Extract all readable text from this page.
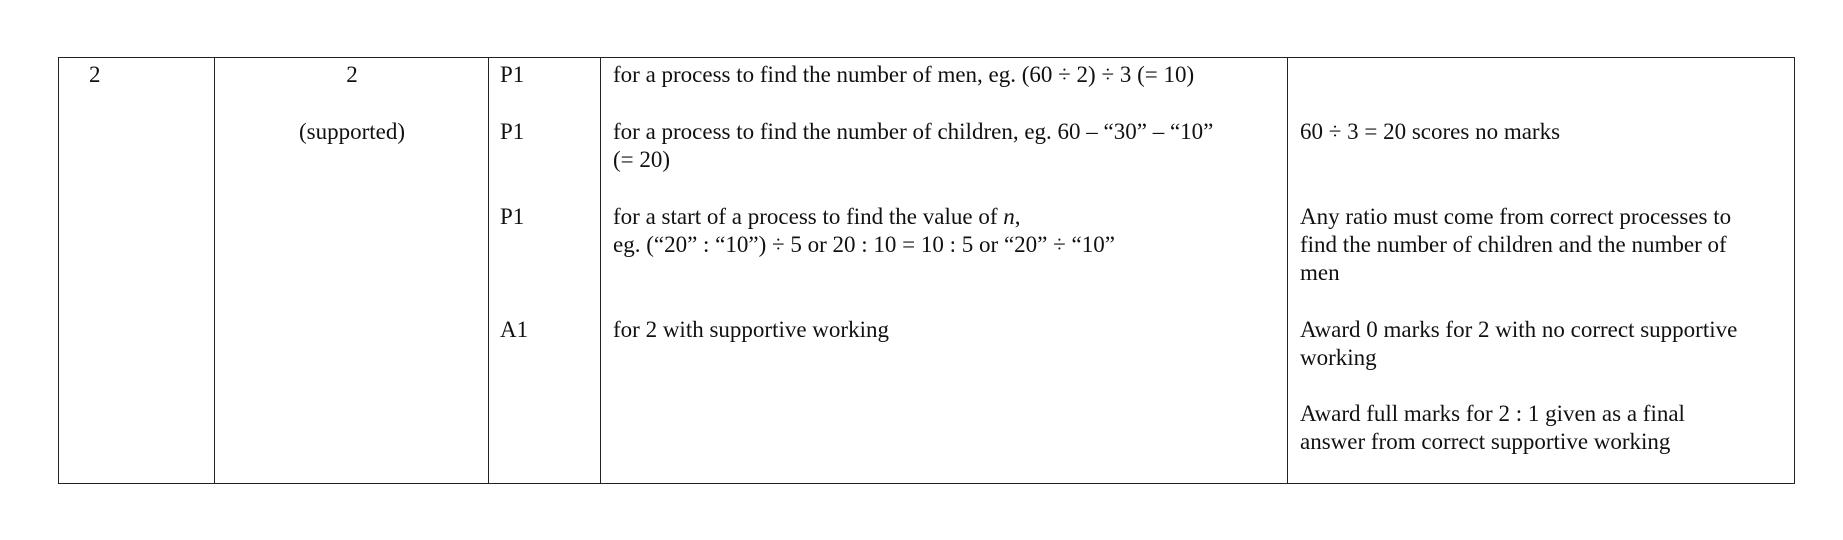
2	2
(supported)
P1
P1
P1
A1
for a process to find the number of men, eg. (60 ÷ 2) ÷ 3 (= 10)
for a process to find the number of children, eg. 60 – “30” – “10”
(= 20)
for a start of a process to find the value of n,
eg. (“20” : “10”) ÷ 5 or 20 : 10 = 10 : 5 or “20” ÷ “10”
for 2 with supportive working
60 ÷ 3 = 20 scores no marks
Any ratio must come from correct processes to
find the number of children and the number of
men
Award 0 marks for 2 with no correct supportive
working
Award full marks for 2 : 1 given as a final
answer from correct supportive working
